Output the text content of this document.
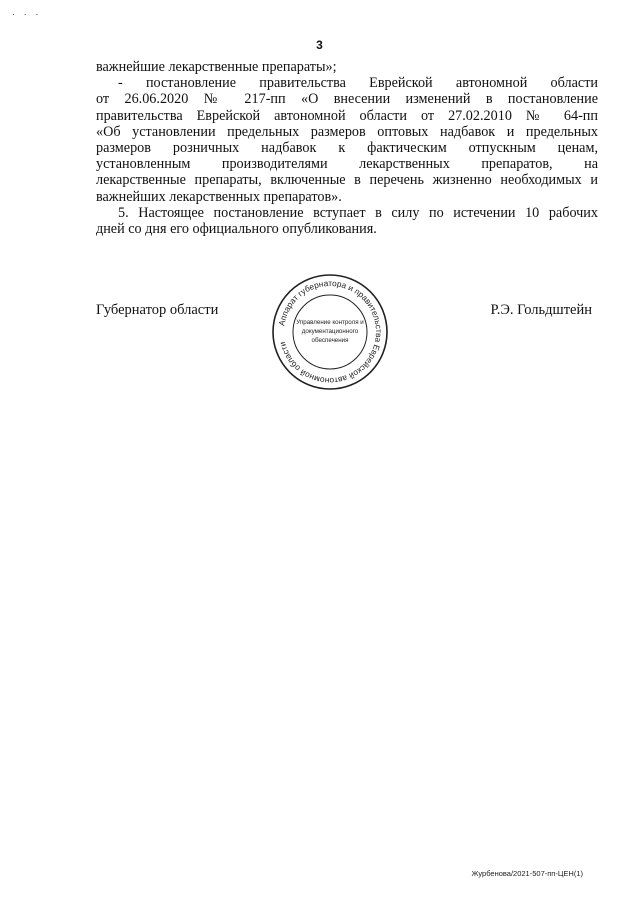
. . .
3
важнейшие лекарственные препараты»;
- постановление правительства Еврейской автономной области
от 26.06.2020 № 217-пп «О внесении изменений в постановление
правительства Еврейской автономной области от 27.02.2010 № 64-пп
«Об установлении предельных размеров оптовых надбавок и предельных
размеров розничных надбавок к фактическим отпускным ценам,
установленным производителями лекарственных препаратов, на
лекарственные препараты, включенные в перечень жизненно необходимых и
важнейших лекарственных препаратов».
5. Настоящее постановление вступает в силу по истечении 10 рабочих
дней со дня его официального опубликования.
Губернатор области	Р.Э. Гольдштейн
Аппарат губернатора и правительства Еврейской автономной области
Управление контроля и
документационного
обеспечения
Журбенова/2021-507-пп-ЦЕН(1)
